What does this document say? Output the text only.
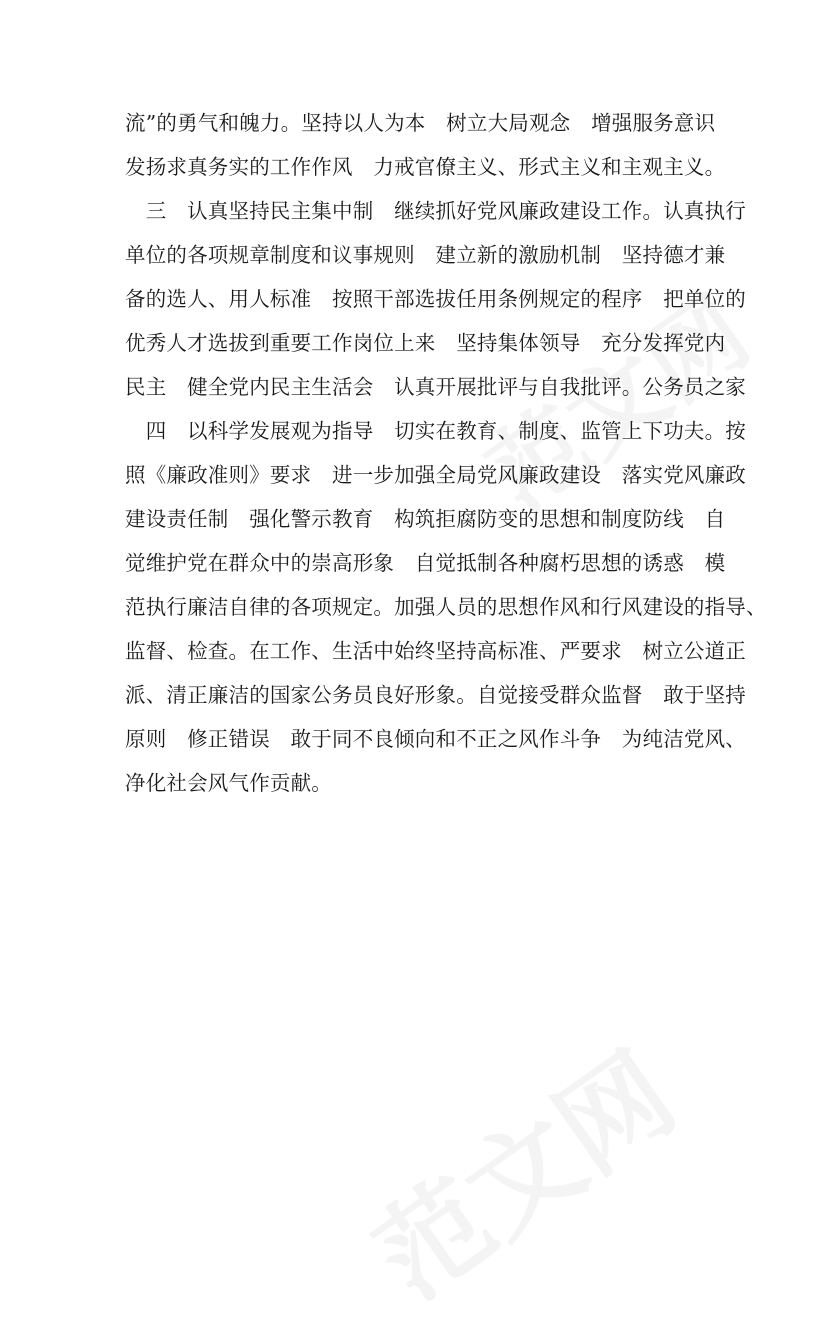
流”的勇气和魄力。坚持以人为本　树立大局观念　增强服务意识
发扬求真务实的工作作风　力戒官僚主义、形式主义和主观主义。
　三　认真坚持民主集中制　继续抓好党风廉政建设工作。认真执行
单位的各项规章制度和议事规则　建立新的激励机制　坚持德才兼
备的选人、用人标准　按照干部选拔任用条例规定的程序　把单位的
优秀人才选拔到重要工作岗位上来　坚持集体领导　充分发挥党内
民主　健全党内民主生活会　认真开展批评与自我批评。公务员之家
　四　以科学发展观为指导　切实在教育、制度、监管上下功夫。按
照《廉政准则》要求　进一步加强全局党风廉政建设　落实党风廉政
建设责任制　强化警示教育　构筑拒腐防变的思想和制度防线　自
觉维护党在群众中的崇高形象　自觉抵制各种腐朽思想的诱惑　模
范执行廉洁自律的各项规定。加强人员的思想作风和行风建设的指导、
监督、检查。在工作、生活中始终坚持高标准、严要求　树立公道正
派、清正廉洁的国家公务员良好形象。自觉接受群众监督　敢于坚持
原则　修正错误　敢于同不良倾向和不正之风作斗争　为纯洁党风、
净化社会风气作贡献。
